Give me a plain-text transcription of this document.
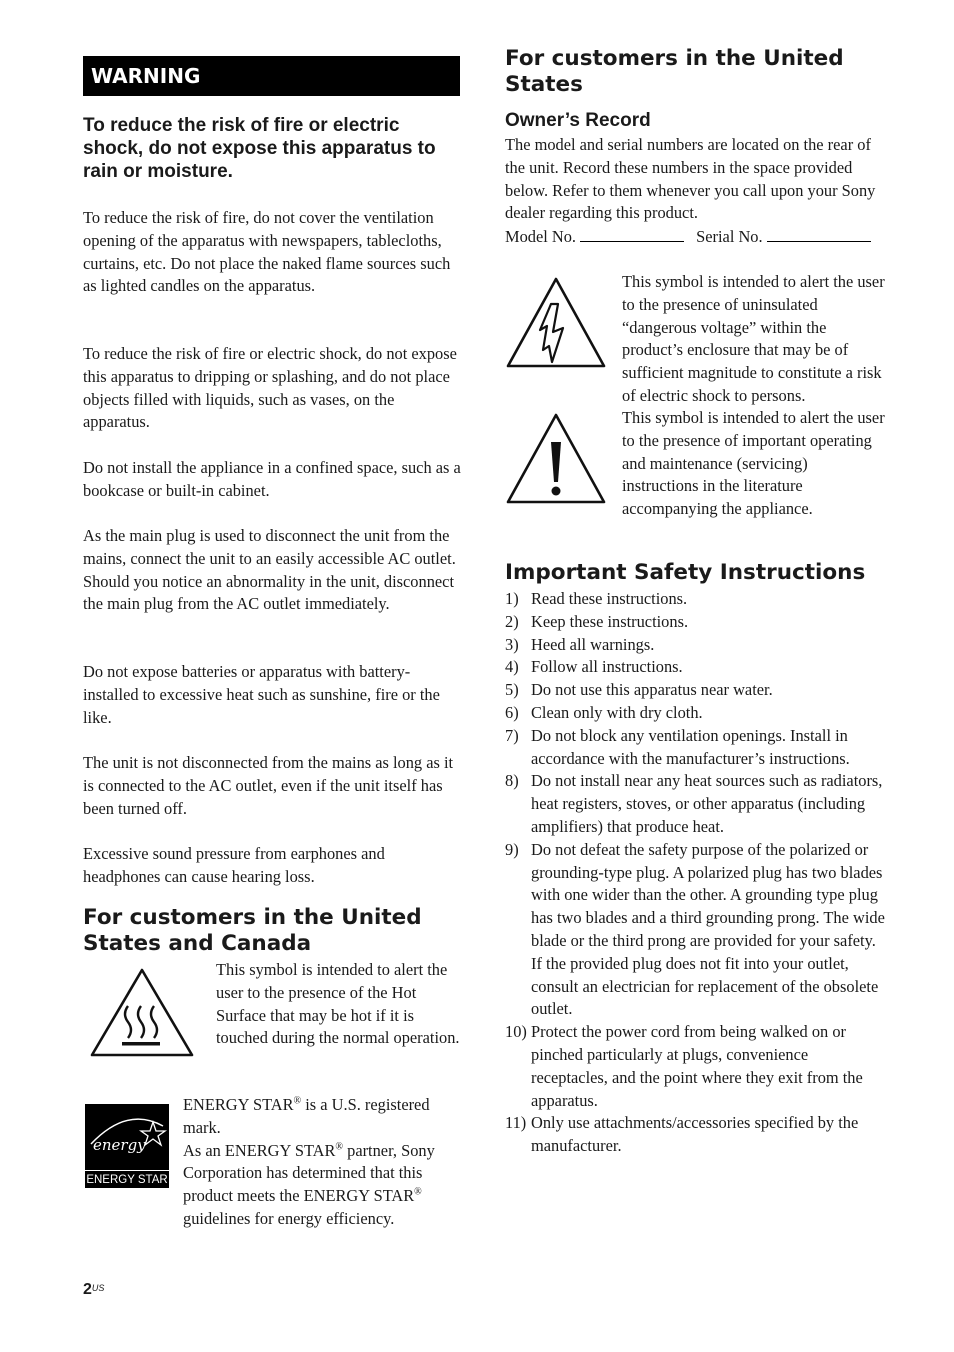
WARNING
To reduce the risk of fire or electric shock, do not expose this apparatus to rain or moisture.

To reduce the risk of fire, do not cover the ventilation opening of the apparatus with newspapers, tablecloths, curtains, etc. Do not place the naked flame sources such as lighted candles on the apparatus.

To reduce the risk of fire or electric shock, do not expose this apparatus to dripping or splashing, and do not place objects filled with liquids, such as vases, on the apparatus.

Do not install the appliance in a confined space, such as a bookcase or built-in cabinet.

As the main plug is used to disconnect the unit from the mains, connect the unit to an easily accessible AC outlet. Should you notice an abnormality in the unit, disconnect the main plug from the AC outlet immediately.

Do not expose batteries or apparatus with battery-installed to excessive heat such as sunshine, fire or the like.

The unit is not disconnected from the mains as long as it is connected to the AC outlet, even if the unit itself has been turned off.

Excessive sound pressure from earphones and headphones can cause hearing loss.

For customers in the United States and Canada

This symbol is intended to alert the user to the presence of the Hot Surface that may be hot if it is touched during the normal operation.

energy
ENERGY STAR

ENERGY STAR® is a U.S. registered mark.
As an ENERGY STAR® partner, Sony Corporation has determined that this product meets the ENERGY STAR® guidelines for energy efficiency.

For customers in the United States
Owner’s Record

The model and serial numbers are located on the rear of the unit. Record these numbers in the space provided below. Refer to them whenever you call upon your Sony dealer regarding this product.

Model No.	Serial No.

This symbol is intended to alert the user to the presence of uninsulated “dangerous voltage” within the product’s enclosure that may be of sufficient magnitude to constitute a risk of electric shock to persons.

This symbol is intended to alert the user to the presence of important operating and maintenance (servicing) instructions in the literature accompanying the appliance.

Important Safety Instructions
1) Read these instructions.
2) Keep these instructions.
3) Heed all warnings.
4) Follow all instructions.
5) Do not use this apparatus near water.
6) Clean only with dry cloth.
7) Do not block any ventilation openings. Install in accordance with the manufacturer’s instructions.
8) Do not install near any heat sources such as radiators, heat registers, stoves, or other apparatus (including amplifiers) that produce heat.
9) Do not defeat the safety purpose of the polarized or grounding-type plug. A polarized plug has two blades with one wider than the other. A grounding type plug has two blades and a third grounding prong. The wide blade or the third prong are provided for your safety. If the provided plug does not fit into your outlet, consult an electrician for replacement of the obsolete outlet.
10) Protect the power cord from being walked on or pinched particularly at plugs, convenience receptacles, and the point where they exit from the apparatus.
11) Only use attachments/accessories specified by the manufacturer.
$2^{US}$
